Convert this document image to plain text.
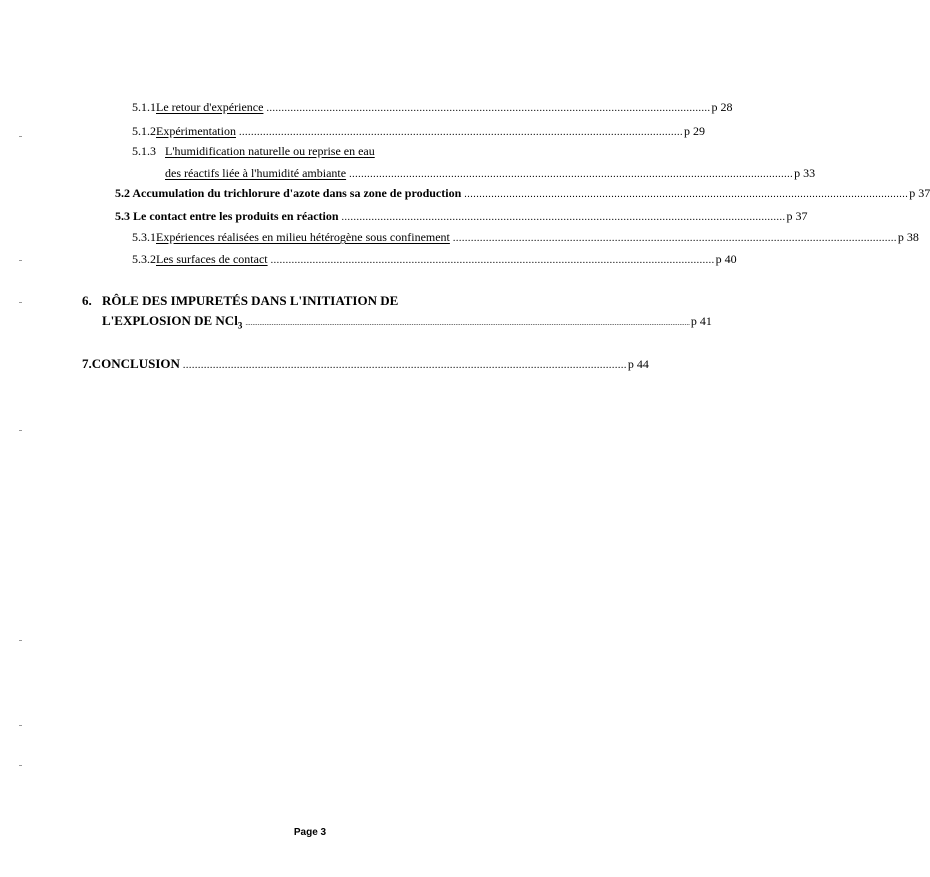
5.1.1 Le retour d'expérience .................................................................................................................................................... p 28
5.1.2 Expérimentation .................................................................................................................................................... p 29
5.1.3 L'humidification naturelle ou reprise en eau
des réactifs liée à l'humidité ambiante .................................................................................................................................................... p 33
5.2 Accumulation du trichlorure d'azote dans sa zone de production .................................................................................................................................................... p 37
5.3 Le contact entre les produits en réaction .................................................................................................................................................... p 37
5.3.1 Expériences réalisées en milieu hétérogène sous confinement .................................................................................................................................................... p 38
5.3.2 Les surfaces de contact .................................................................................................................................................... p 40
6. RÔLE DES IMPURETÉS DANS L'INITIATION DE
L'EXPLOSION DE NCl$_3$ .............................................................................................................................................................................................................................................................. p 41
7. CONCLUSION .................................................................................................................................................... p 44
Page 3
